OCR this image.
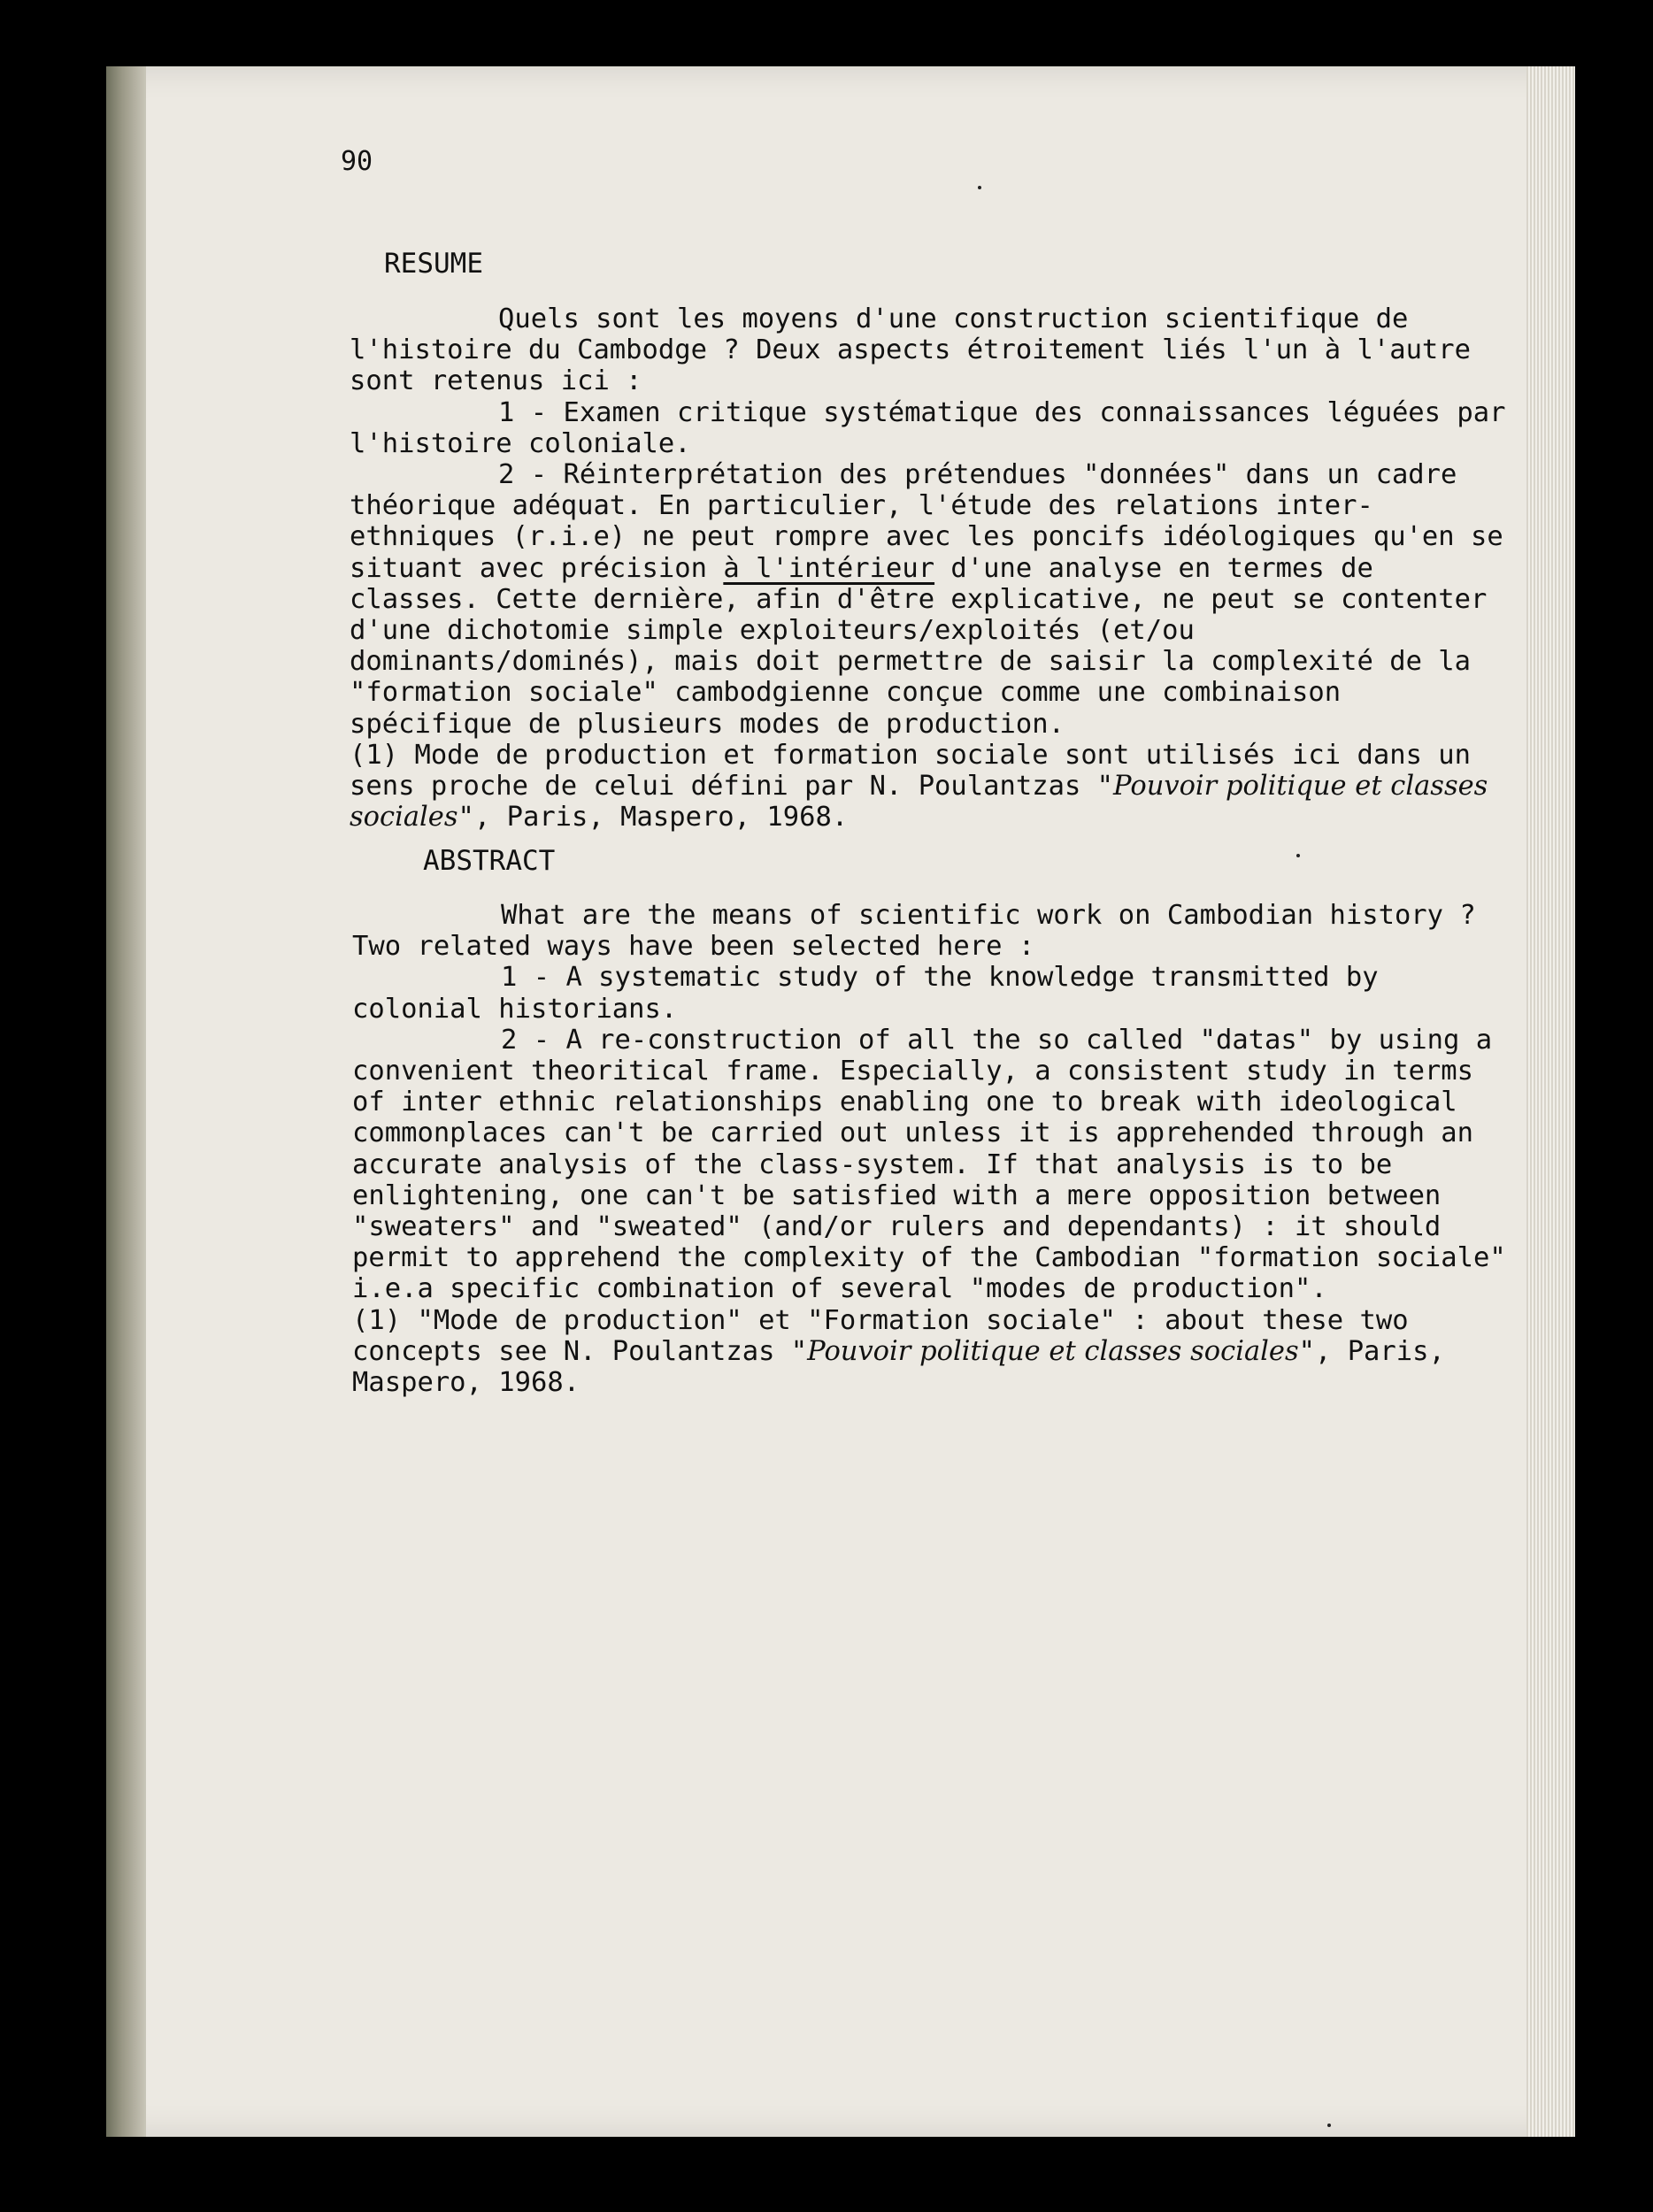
90
RESUME

Quels sont les moyens d'une construction scientifique de l'histoire du Cambodge ? Deux aspects étroitement liés l'un à l'autre sont retenus ici :

1 - Examen critique systématique des connaissances léguées par l'histoire coloniale.

2 - Réinterprétation des prétendues "données" dans un cadre théorique adéquat. En particulier, l'étude des relations inter-ethniques (r.i.e) ne peut rompre avec les poncifs idéologiques qu'en se situant avec précision à l'intérieur d'une analyse en termes de classes. Cette dernière, afin d'être explicative, ne peut se contenter d'une dichotomie simple exploiteurs/exploités (et/ou dominants/dominés), mais doit permettre de saisir la complexité de la "formation sociale" cambodgienne conçue comme une combinaison spécifique de plusieurs modes de production.

(1) Mode de production et formation sociale sont utilisés ici dans un sens proche de celui défini par N. Poulantzas "Pouvoir politique et classes sociales", Paris, Maspero, 1968.

ABSTRACT

What are the means of scientific work on Cambodian history ? Two related ways have been selected here :

1 - A systematic study of the knowledge transmitted by colonial historians.

2 - A re-construction of all the so called "datas" by using a convenient theoritical frame. Especially, a consistent study in terms of inter ethnic relationships enabling one to break with ideological commonplaces can't be carried out unless it is apprehended through an accurate analysis of the class-system. If that analysis is to be enlightening, one can't be satisfied with a mere opposition between "sweaters" and "sweated" (and/or rulers and dependants) : it should permit to apprehend the complexity of the Cambodian "formation sociale" i.e.a specific combination of several "modes de production".

(1) "Mode de production" et "Formation sociale" : about these two concepts see N. Poulantzas "Pouvoir politique et classes sociales", Paris, Maspero, 1968.
